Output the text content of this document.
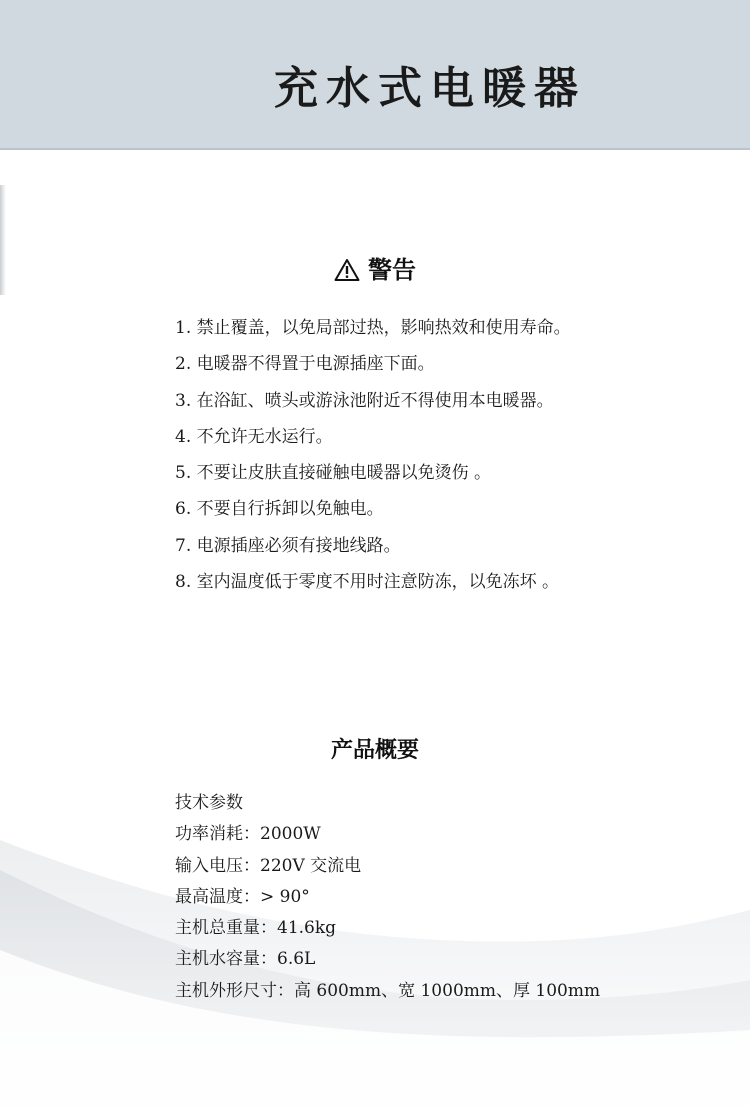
充水式电暖器
警告
1. 禁止覆盖，以免局部过热，影响热效和使用寿命。
2. 电暖器不得置于电源插座下面。
3. 在浴缸、喷头或游泳池附近不得使用本电暖器。
4. 不允许无水运行。
5. 不要让皮肤直接碰触电暖器以免烫伤 。
6. 不要自行拆卸以免触电。
7. 电源插座必须有接地线路。
8. 室内温度低于零度不用时注意防冻，以免冻坏 。
产品概要
技术参数
功率消耗：2000W
输入电压：220V 交流电
最高温度：> 90°
主机总重量：41.6kg
主机水容量：6.6L
主机外形尺寸：高 600mm、宽 1000mm、厚 100mm
